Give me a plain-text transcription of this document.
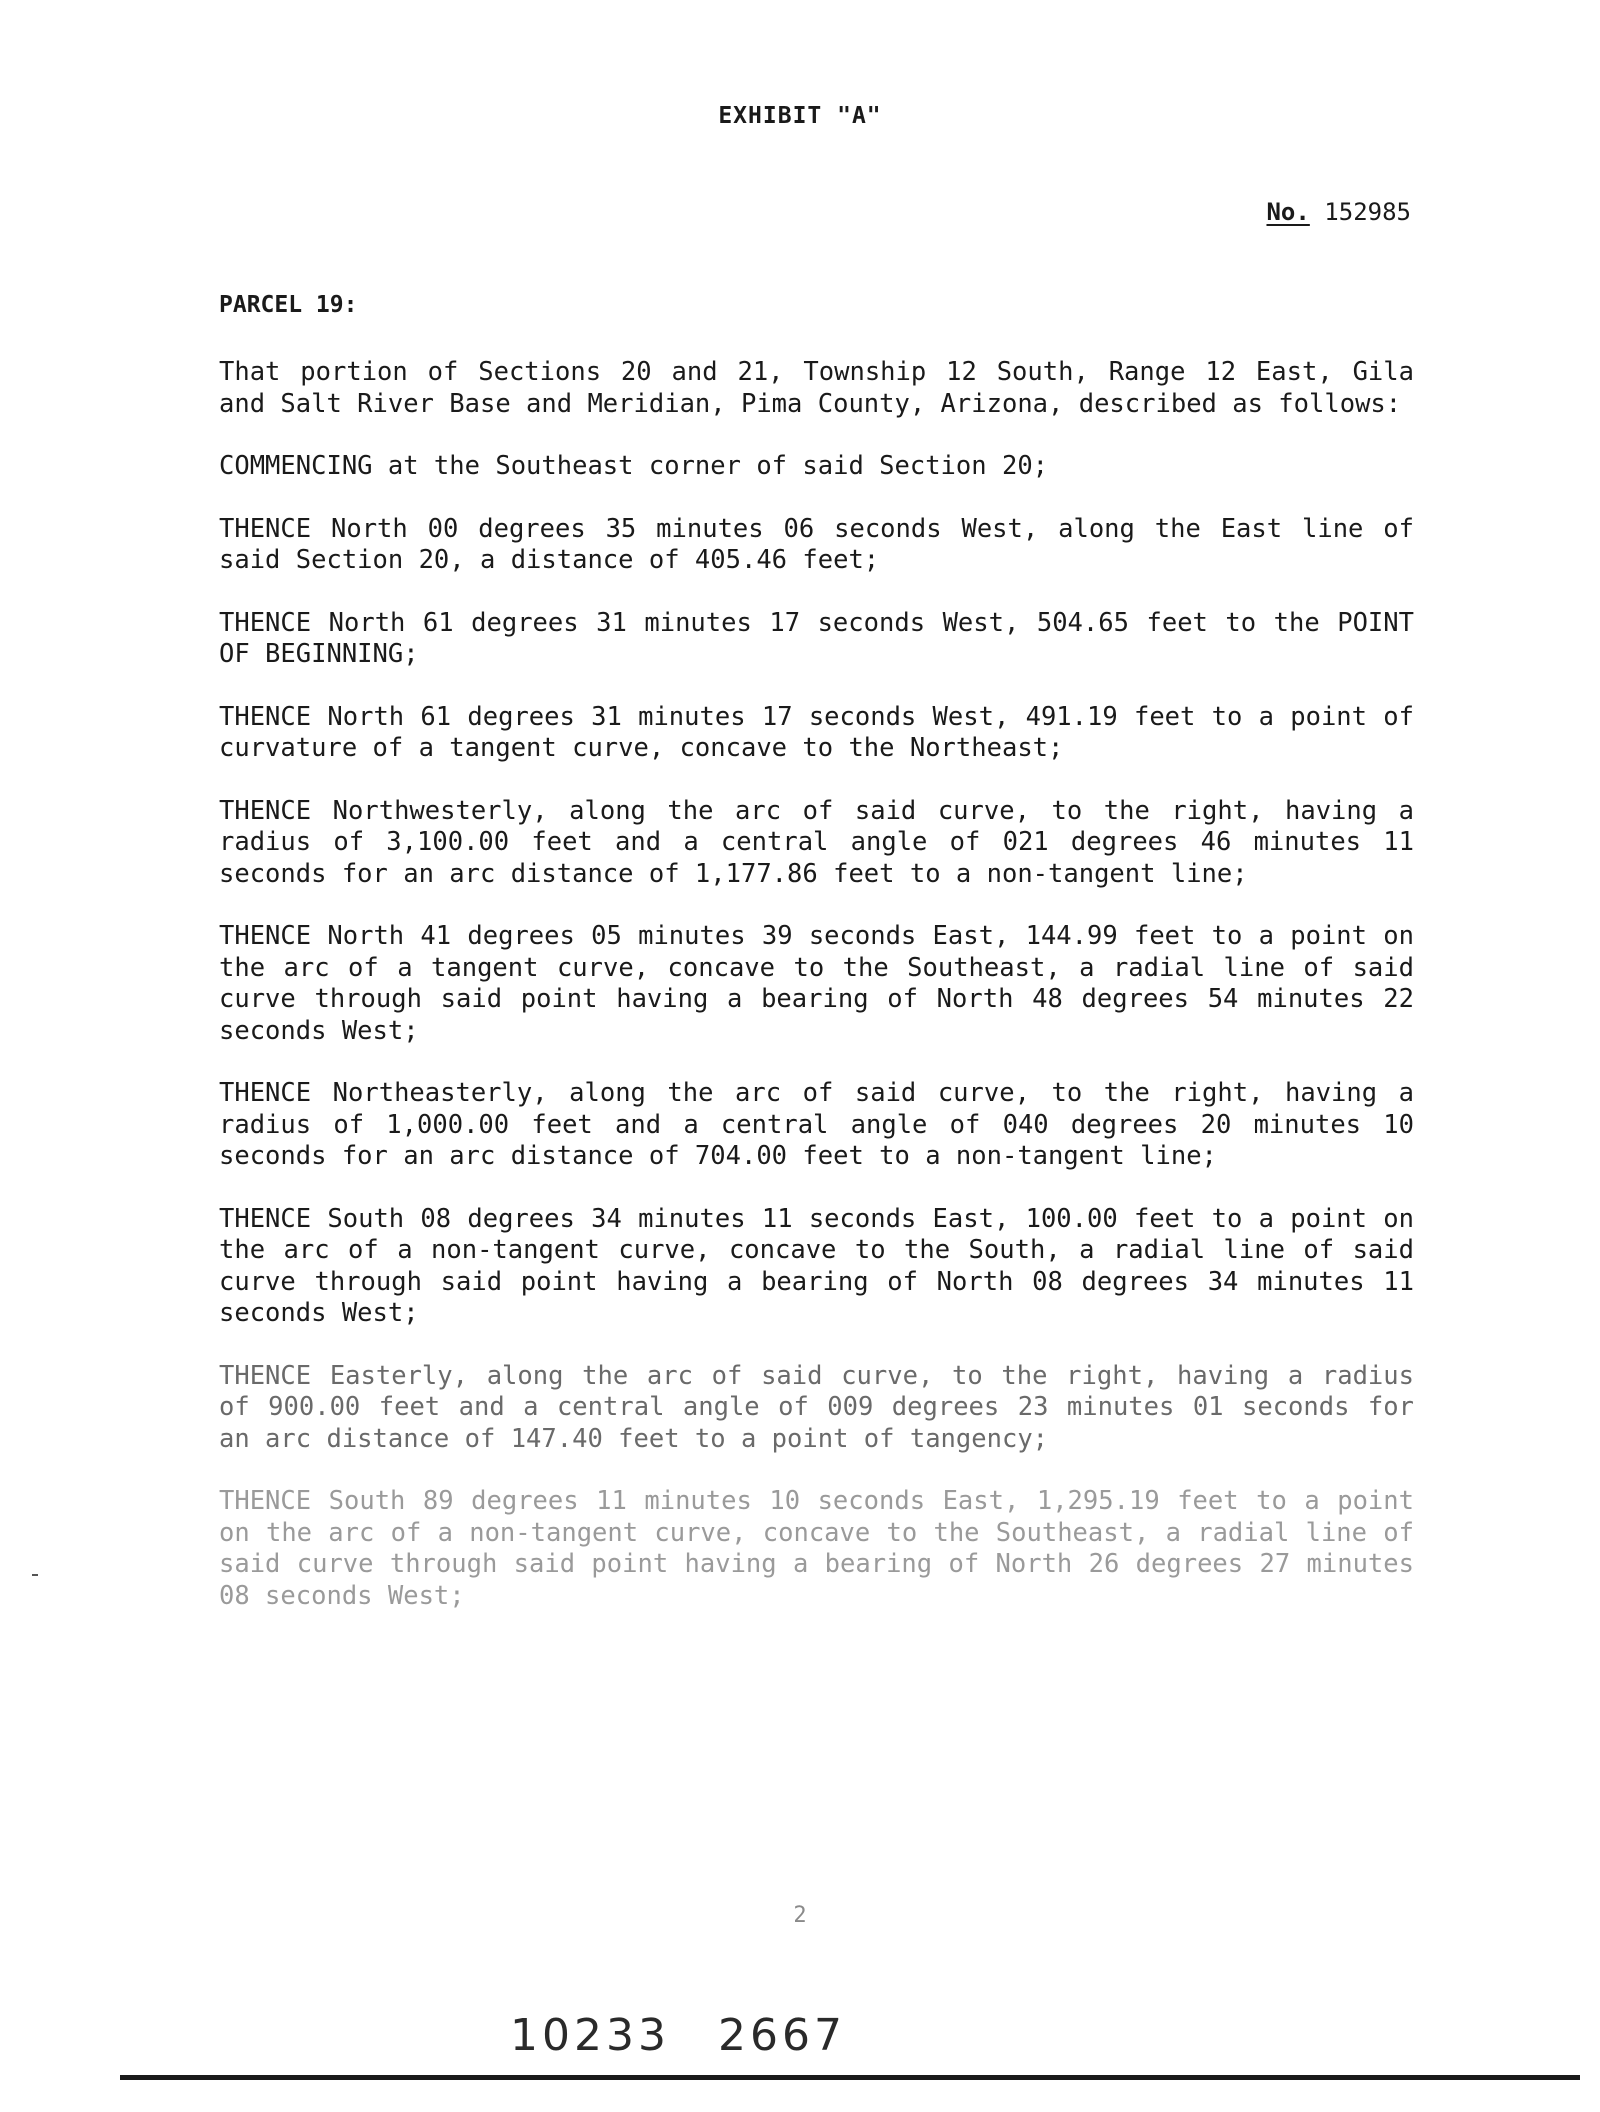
EXHIBIT "A"
No. 152985
PARCEL 19:

That portion of Sections 20 and 21, Township 12 South, Range 12 East, Gila and Salt River Base and Meridian, Pima County, Arizona, described as follows:

COMMENCING at the Southeast corner of said Section 20;

THENCE North 00 degrees 35 minutes 06 seconds West, along the East line of said Section 20, a distance of 405.46 feet;

THENCE North 61 degrees 31 minutes 17 seconds West, 504.65 feet to the POINT OF BEGINNING;

THENCE North 61 degrees 31 minutes 17 seconds West, 491.19 feet to a point of curvature of a tangent curve, concave to the Northeast;

THENCE Northwesterly, along the arc of said curve, to the right, having a radius of 3,100.00 feet and a central angle of 021 degrees 46 minutes 11 seconds for an arc distance of 1,177.86 feet to a non-tangent line;

THENCE North 41 degrees 05 minutes 39 seconds East, 144.99 feet to a point on the arc of a tangent curve, concave to the Southeast, a radial line of said curve through said point having a bearing of North 48 degrees 54 minutes 22 seconds West;

THENCE Northeasterly, along the arc of said curve, to the right, having a radius of 1,000.00 feet and a central angle of 040 degrees 20 minutes 10 seconds for an arc distance of 704.00 feet to a non-tangent line;

THENCE South 08 degrees 34 minutes 11 seconds East, 100.00 feet to a point on the arc of a non-tangent curve, concave to the South, a radial line of said curve through said point having a bearing of North 08 degrees 34 minutes 11 seconds West;

THENCE Easterly, along the arc of said curve, to the right, having a radius of 900.00 feet and a central angle of 009 degrees 23 minutes 01 seconds for an arc distance of 147.40 feet to a point of tangency;

THENCE South 89 degrees 11 minutes 10 seconds East, 1,295.19 feet to a point on the arc of a non-tangent curve, concave to the Southeast, a radial line of said curve through said point having a bearing of North 26 degrees 27 minutes 08 seconds West;

2
10233 2667
